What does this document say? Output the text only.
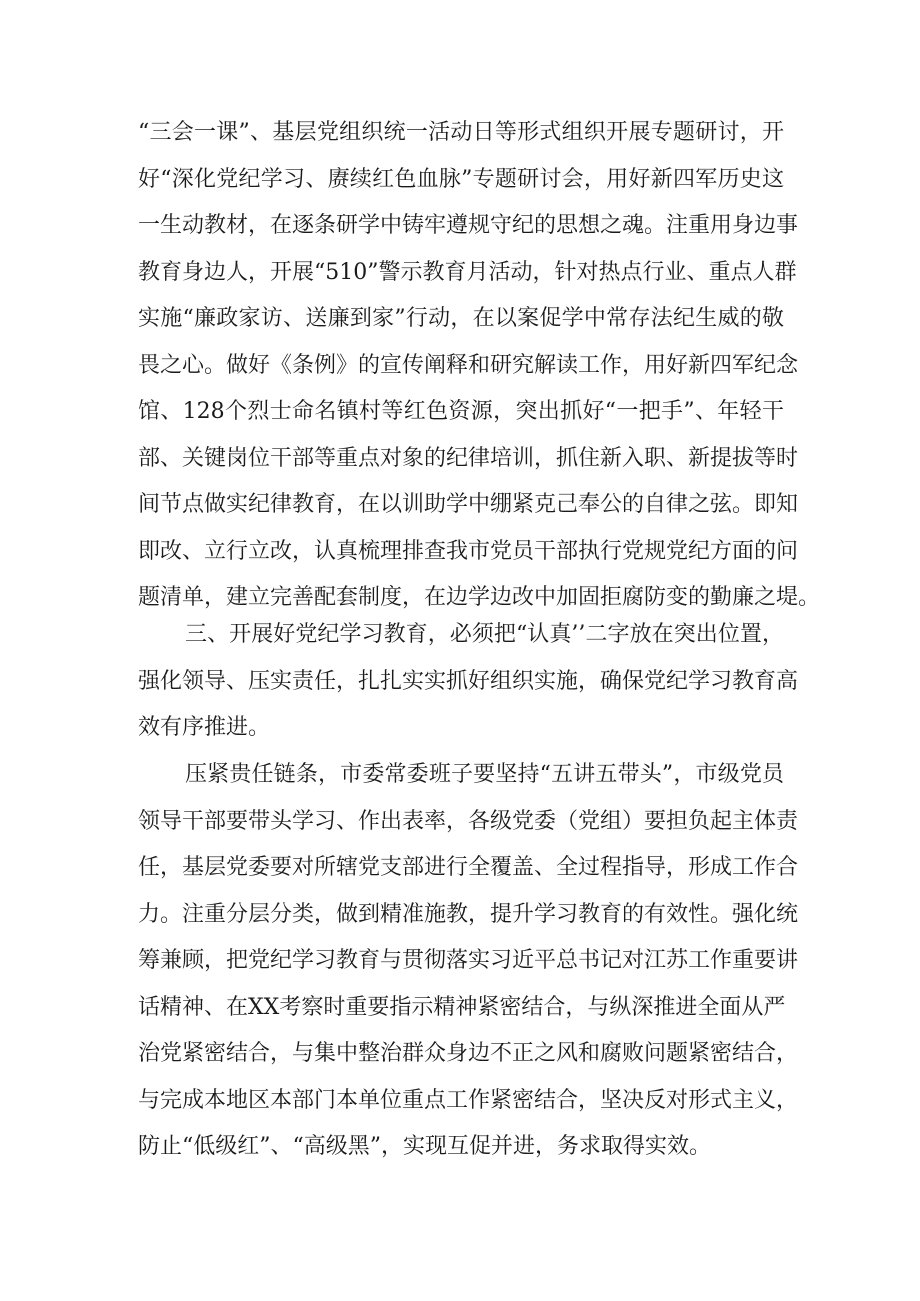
“三会一课”、基层党组织统一活动日等形式组织开展专题研讨，开
好“深化党纪学习、赓续红色血脉”专题研讨会，用好新四军历史这
一生动教材，在逐条研学中铸牢遵规守纪的思想之魂。注重用身边事
教育身边人，开展“510”警示教育月活动，针对热点行业、重点人群
实施“廉政家访、送廉到家”行动，在以案促学中常存法纪生威的敬
畏之心。做好《条例》的宣传阐释和研究解读工作，用好新四军纪念
馆、128个烈士命名镇村等红色资源，突出抓好“一把手”、年轻干
部、关键岗位干部等重点对象的纪律培训，抓住新入职、新提拔等时
间节点做实纪律教育，在以训助学中绷紧克己奉公的自律之弦。即知
即改、立行立改，认真梳理排查我市党员干部执行党规党纪方面的问
题清单，建立完善配套制度，在边学边改中加固拒腐防变的勤廉之堤。
三、开展好党纪学习教育，必须把“认真’’二字放在突出位置，
强化领导、压实责任，扎扎实实抓好组织实施，确保党纪学习教育高
效有序推进。
压紧贵任链条，市委常委班子要坚持“五讲五带头”，市级党员
领导干部要带头学习、作出表率，各级党委（党组）要担负起主体责
任，基层党委要对所辖党支部进行全覆盖、全过程指导，形成工作合
力。注重分层分类，做到精准施教，提升学习教育的有效性。强化统
筹兼顾，把党纪学习教育与贯彻落实习近平总书记对江苏工作重要讲
话精神、在XX考察时重要指示精神紧密结合，与纵深推进全面从严
治党紧密结合，与集中整治群众身边不正之风和腐败问题紧密结合，
与完成本地区本部门本单位重点工作紧密结合，坚决反对形式主义，
防止“低级红”、“高级黑”，实现互促并进，务求取得实效。
